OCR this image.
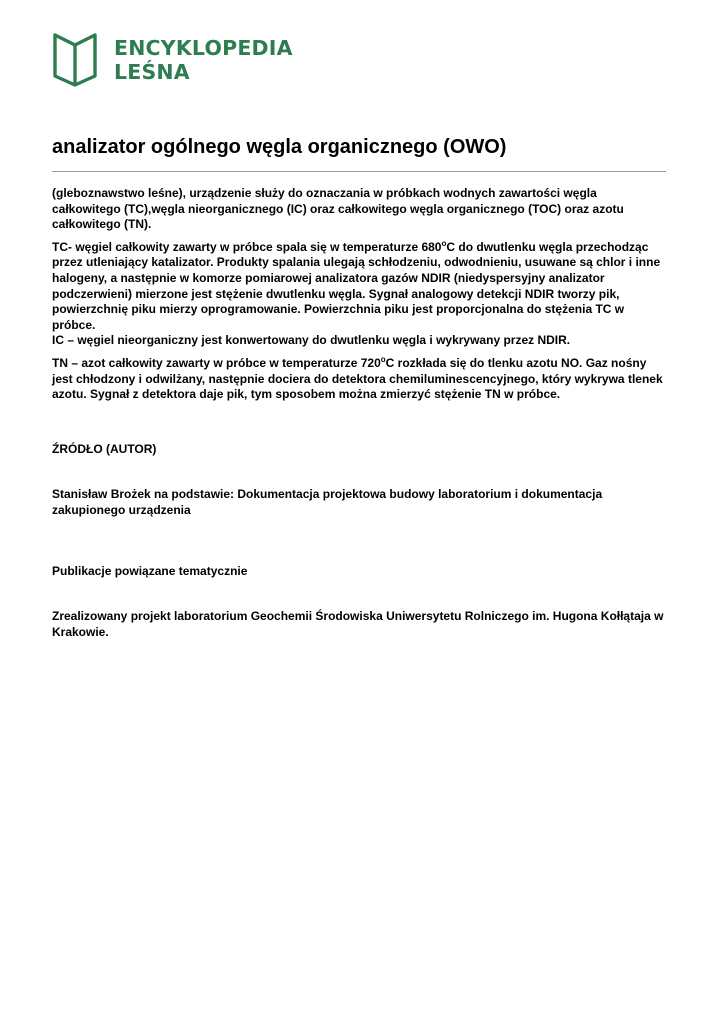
ENCYKLOPEDIA
LEŚNA
analizator ogólnego węgla organicznego (OWO)

(gleboznawstwo leśne), urządzenie służy do oznaczania w próbkach wodnych zawartości węgla całkowitego (TC),węgla nieorganicznego (IC) oraz całkowitego węgla organicznego (TOC) oraz azotu całkowitego (TN).

TC- węgiel całkowity zawarty w próbce spala się w temperaturze 680$^o$C do dwutlenku węgla przechodząc przez utleniający katalizator. Produkty spalania ulegają schłodzeniu, odwodnieniu, usuwane są chlor i inne halogeny, a następnie w komorze pomiarowej analizatora gazów NDIR (niedyspersyjny analizator podczerwieni) mierzone jest stężenie dwutlenku węgla. Sygnał analogowy detekcji NDIR tworzy pik, powierzchnię piku mierzy oprogramowanie. Powierzchnia piku jest proporcjonalna do stężenia TC w próbce.

IC – węgiel nieorganiczny jest konwertowany do dwutlenku węgla i wykrywany przez NDIR.

TN – azot całkowity zawarty w próbce w temperaturze 720$^o$C rozkłada się do tlenku azotu NO. Gaz nośny jest chłodzony i odwilżany, następnie dociera do detektora chemiluminescencyjnego, który wykrywa tlenek azotu. Sygnał z detektora daje pik, tym sposobem można zmierzyć stężenie TN w próbce.

ŹRÓDŁO (AUTOR)

Stanisław Brożek na podstawie: Dokumentacja projektowa budowy laboratorium i dokumentacja zakupionego urządzenia

Publikacje powiązane tematycznie

Zrealizowany projekt laboratorium Geochemii Środowiska Uniwersytetu Rolniczego im. Hugona Kołłątaja w Krakowie.
